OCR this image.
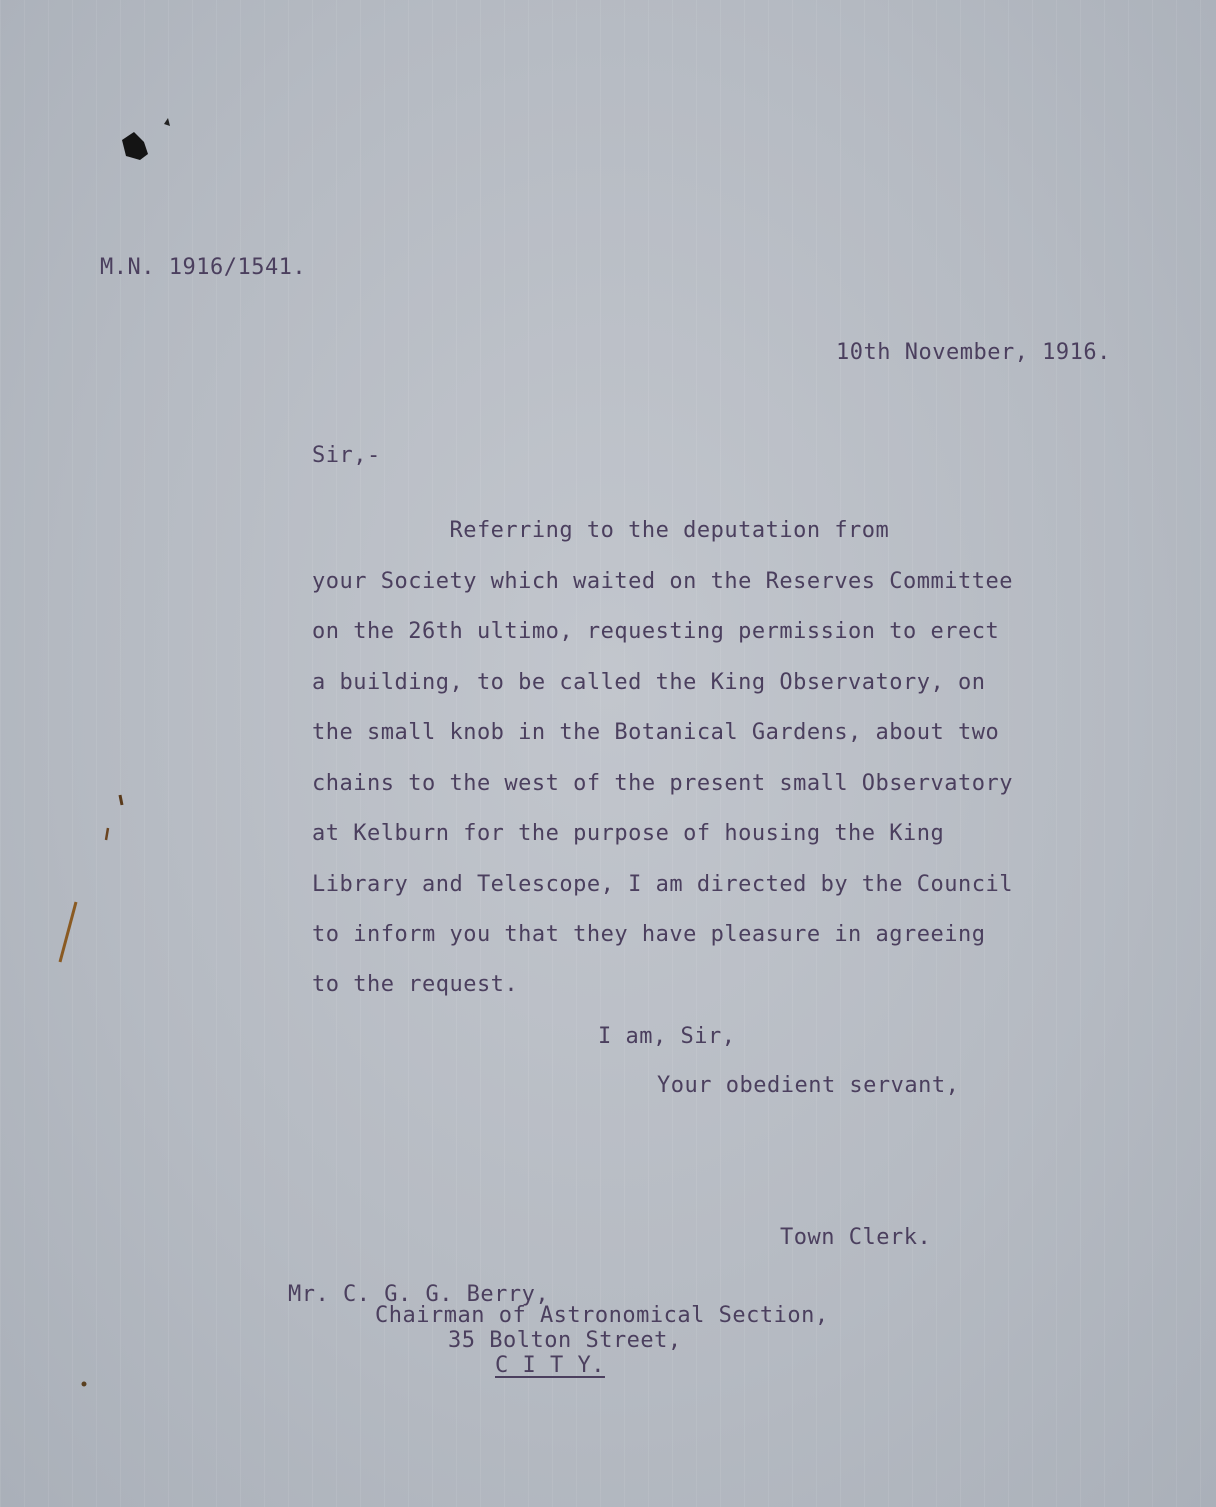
M.N. 1916/1541.
10th November, 1916.
Sir,-
Referring to the deputation from
your Society which waited on the Reserves Committee
on the 26th ultimo, requesting permission to erect
a building, to be called the King Observatory, on
the small knob in the Botanical Gardens, about two
chains to the west of the present small Observatory
at Kelburn for the purpose of housing the King
Library and Telescope, I am directed by the Council
to inform you that they have pleasure in agreeing
to the request.
I am, Sir,
Your obedient servant,
Town Clerk.
Mr. C. G. G. Berry,
Chairman of Astronomical Section,
35 Bolton Street,
C I T Y.
